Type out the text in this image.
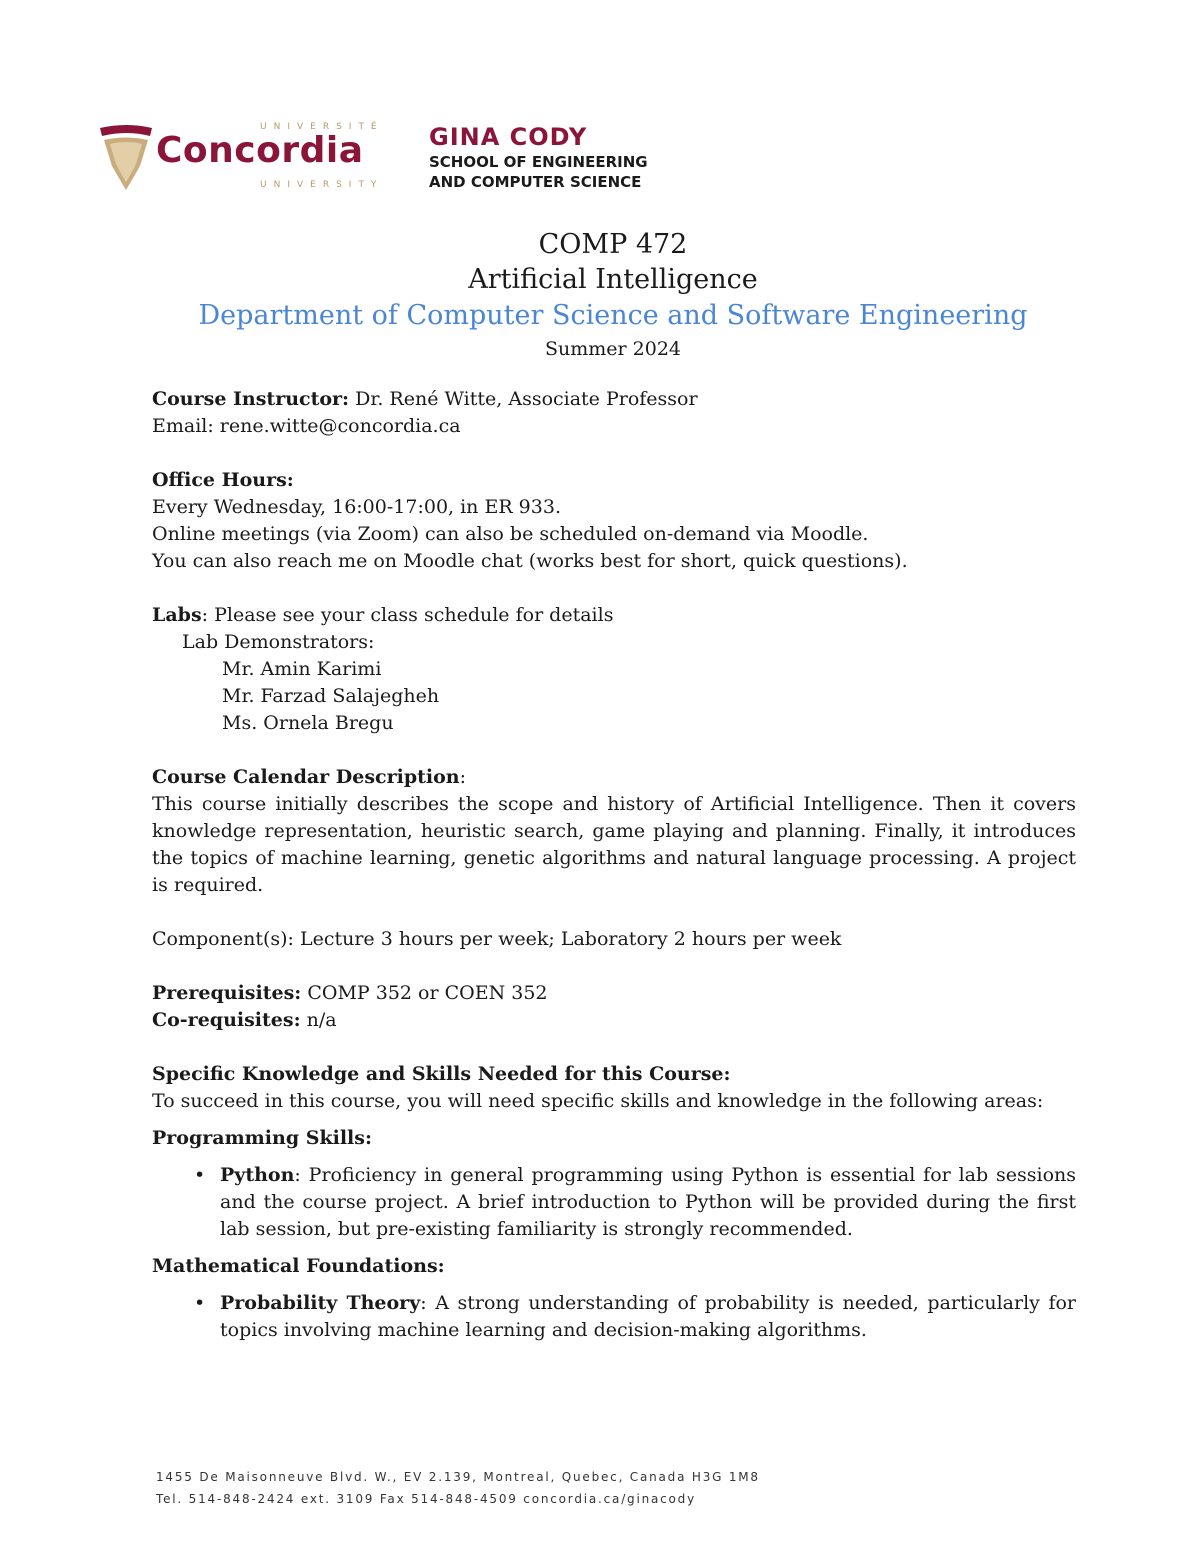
UNIVERSITÉ
Concordia
UNIVERSITY
GINA CODY
SCHOOL OF ENGINEERING
AND COMPUTER SCIENCE
COMP 472
Artificial Intelligence
Department of Computer Science and Software Engineering
Summer 2024

Course Instructor: Dr. René Witte, Associate Professor

Email: rene.witte@concordia.ca

Office Hours:

Every Wednesday, 16:00-17:00, in ER 933.

Online meetings (via Zoom) can also be scheduled on-demand via Moodle.

You can also reach me on Moodle chat (works best for short, quick questions).

Labs: Please see your class schedule for details

Lab Demonstrators:

Mr. Amin Karimi

Mr. Farzad Salajegheh

Ms. Ornela Bregu

Course Calendar Description:

This course initially describes the scope and history of Artificial Intelligence. Then it covers knowledge representation, heuristic search, game playing and planning. Finally, it introduces the topics of machine learning, genetic algorithms and natural language processing. A project is required.

Component(s): Lecture 3 hours per week; Laboratory 2 hours per week

Prerequisites: COMP 352 or COEN 352

Co-requisites: n/a

Specific Knowledge and Skills Needed for this Course:

To succeed in this course, you will need specific skills and knowledge in the following areas:

Programming Skills:

• Python: Proficiency in general programming using Python is essential for lab sessions and the course project. A brief introduction to Python will be provided during the first lab session, but pre-existing familiarity is strongly recommended.

Mathematical Foundations:

• Probability Theory: A strong understanding of probability is needed, particularly for topics involving machine learning and decision-making algorithms.

1455 De Maisonneuve Blvd. W., EV 2.139, Montreal, Quebec, Canada H3G 1M8
Tel. 514-848-2424 ext. 3109 Fax 514-848-4509 concordia.ca/ginacody
